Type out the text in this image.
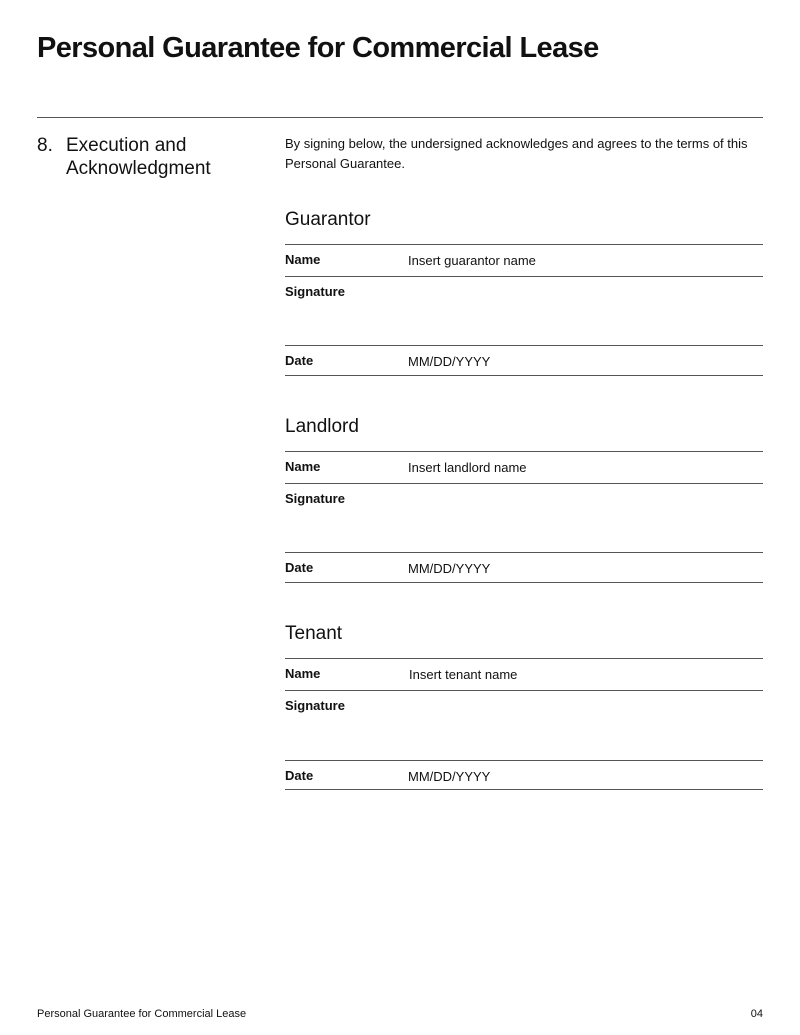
Personal Guarantee for Commercial Lease
8. Execution and Acknowledgment

By signing below, the undersigned acknowledges and agrees to the terms of this Personal Guarantee.

Guarantor
Name	Insert guarantor name
Signature
Date	MM/DD/YYYY
Landlord
Name	Insert landlord name
Signature
Date	MM/DD/YYYY
Tenant
Name	Insert tenant name
Signature
Date	MM/DD/YYYY
Personal Guarantee for Commercial Lease	04
